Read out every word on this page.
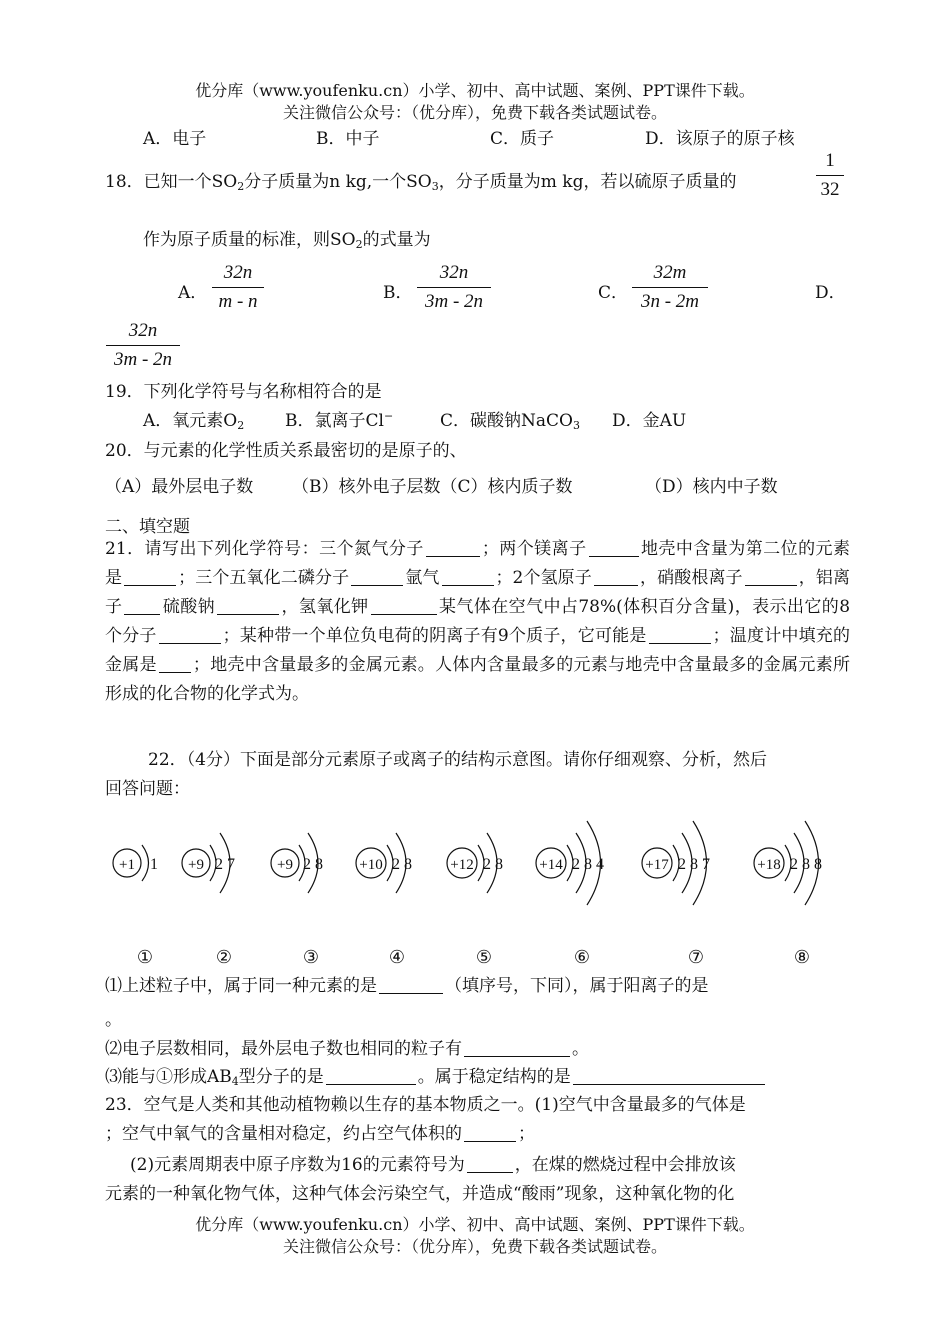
优分库（www.youfenku.cn）小学、初中、高中试题、案例、PPT课件下载。
关注微信公众号：（优分库），免费下载各类试题试卷。
A．电子	B．中子	C．质子	D．该原子的原子核
18．已知一个$SO_2$分子质量为n kg,一个$SO_3$，分子质量为m kg，若以硫原子质量的
1
32
作为原子质量的标准，则$SO_2$的式量为
A．
32n
m - n	B．
32n
3m - 2n	C．
32m
3n - 2m	D．
32n
3m - 2n
19．下列化学符号与名称相符合的是
A．氧元素$O_2$ B．氯离子Cl−	C．碳酸钠NaCO$_3$ D．金AU
20．与元素的化学性质关系最密切的是原子的、
（A）最外层电子数 （B）核外电子层数（C）核内质子数	（D）核内中子数
二、填空题
21．请写出下列化学符号：三个氮气分子	；两个镁离子	地壳中含量为第二位的元素是	；三个五氧化二磷分子	氩气	；2个氢原子	，硝酸根离子	，铝离子 硫酸钠	，氢氧化钾	某气体在空气中占78%(体积百分含量)，表示出它的8个分子	；某种带一个单位负电荷的阴离子有9个质子，它可能是	；温度计中填充的金属是 ；地壳中含量最多的金属元素。人体内含量最多的元素与地壳中含量最多的金属元素所形成的化合物的化学式为。
22．（4分）下面是部分元素原子或离子的结构示意图。请你仔细观察、分析，然后
回答问题：
+1 1 +9 2 7	+9 2 8 +10 2 8	+12 2 8 +14 2 8 4	+17 2 8 7	+18 2 8 8
①	②	③	④	⑤	⑥	⑦	⑧
⑴上述粒子中，属于同一种元素的是	（填序号，下同），属于阳离子的是
。
⑵电子层数相同，最外层电子数也相同的粒子有	。
⑶能与①形成$AB_4$型分子的是	。属于稳定结构的是
23．空气是人类和其他动植物赖以生存的基本物质之一。(1)空气中含量最多的气体是
；空气中氧气的含量相对稳定，约占空气体积的	；
(2)元素周期表中原子序数为16的元素符号为	，在煤的燃烧过程中会排放该
元素的一种氧化物气体，这种气体会污染空气，并造成“酸雨”现象，这种氧化物的化
优分库（www.youfenku.cn）小学、初中、高中试题、案例、PPT课件下载。
关注微信公众号：（优分库），免费下载各类试题试卷。
